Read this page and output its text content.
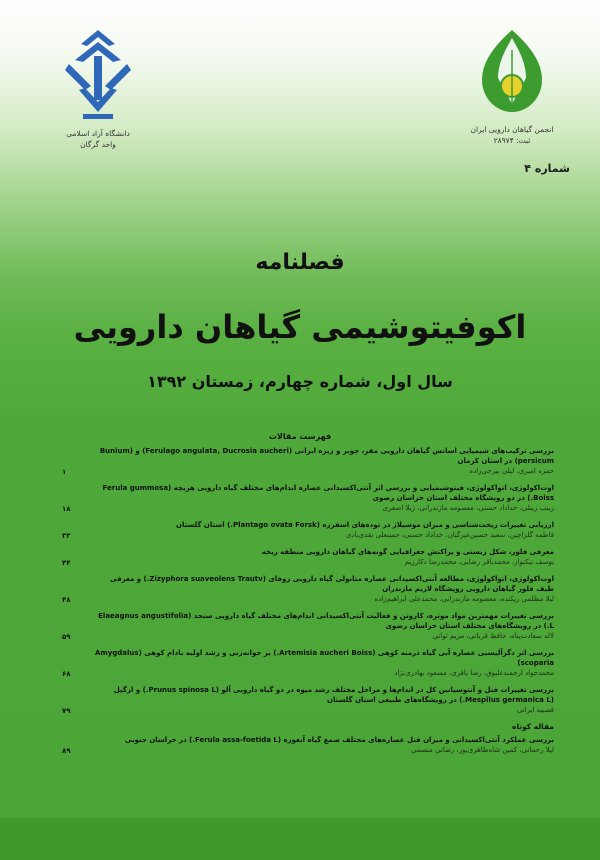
دانشگاه آزاد اسلامی
واحد گرگان
انجمن گیاهان دارویی ایران
ثبت: ۲۸۹۷۴
شماره ۴
فصلنامه
اکوفیتوشیمی گیاهان دارویی
سال اول، شماره چهارم، زمستان ۱۳۹۲
فهرست مقالات
بررسی ترکیب‌های شیمیایی اسانس گیاهان دارویی مفر، چوبر و زیره ایرانی (Ferulago angulata, Ducrosia aucheri) و (Bunium persicum) در استان کرمان
حمزه امیری، لیلی بیرجی‌زاده
۱
اوت‌اکولوژی، اتواکولوژی، فیتوشیمیایی و بررسی اثر آنتی‌اکسیدانی عصاره اندام‌های مختلف گیاه دارویی هریچه (Ferula gummosa Boiss.) در دو رویشگاه مختلف استان خراسان رضوی
زینب زینلی، خداداد حسنی، معصومه مازندرانی، ژیلا اصغری
۱۸
ارزیابی تغییرات ریخت‌شناسی و میزان موسیلاژ در توده‌های اسفرزه (Plantago ovata Forsk.) استان گلستان
فاطمه گلزاچین، سعید حسین‌غیرگیان، خداداد حسنی، حسنعلی نقدی‌بادی
۳۳
معرفی فلور، شکل زیستی و پراکنش جغرافیایی گونه‌های گیاهان دارویی منطقه ریخه
یوسف نیکنواز، محمدباقر رضایی، محمدرضا دکارزیم
۴۴
اوت‌اکولوژی، اتواکولوژی، مطالعه آنتی‌اکسیدانی عصاره متانولی گیاه دارویی زوفای (Zizyphora suaveolens Trautv.) و معرفی طیف فلور گیاهان دارویی رویشگاه لاریم مازندران
لیلا مظلمی ریکنده، معصومه مازندرانی، محمدعلی ابراهیم‌زاده
۴۸
بررسی تغییرات مهمترین مواد موثره، کاروتن و فعالیت آنتی‌اکسیدانی اندام‌های مختلف گیاه دارویی سنجد (Elaeagnus angustifolia L.) در رویشگاه‌های مختلف استان خراسان رضوی
لاله سعادت‌پناه، حافظ قربانی، مریم ثوانی
۵۹
بررسی اثر دگرآلیسیی عصاره آبی گیاه درمنه کوهی (Artemisia aucheri Boiss.) بر جوانه‌زنی و رشد اولیه بادام کوهی (Amygdalus scoparia)
محمدجواد ارجمندغلیوق، رضا یاقری، مسعود بهادری‌نژاد
۶۸
بررسی تغییرات فنل و آنتوسیانین کل در اندام‌ها و مراحل مختلف رشد میوه در دو گیاه دارویی آلو (Prunus spinosa L.) و ازگیل (Mespilus germanica L.) در رویشگاه‌های طبیعی استان گلستان
قصیبه ایرانی
۷۹
مقاله کوتاه
بررسی عملکرد آنتی‌اکسیدانی و میزان فنل عصاره‌های مختلف صمغ گیاه آنغوزه (Ferula assa-foetida L.) در خراسان جنوبی
لیلا رحمانی، کمین شاه‌ظاهری‌پور، رضانی متصمی
۸۹
